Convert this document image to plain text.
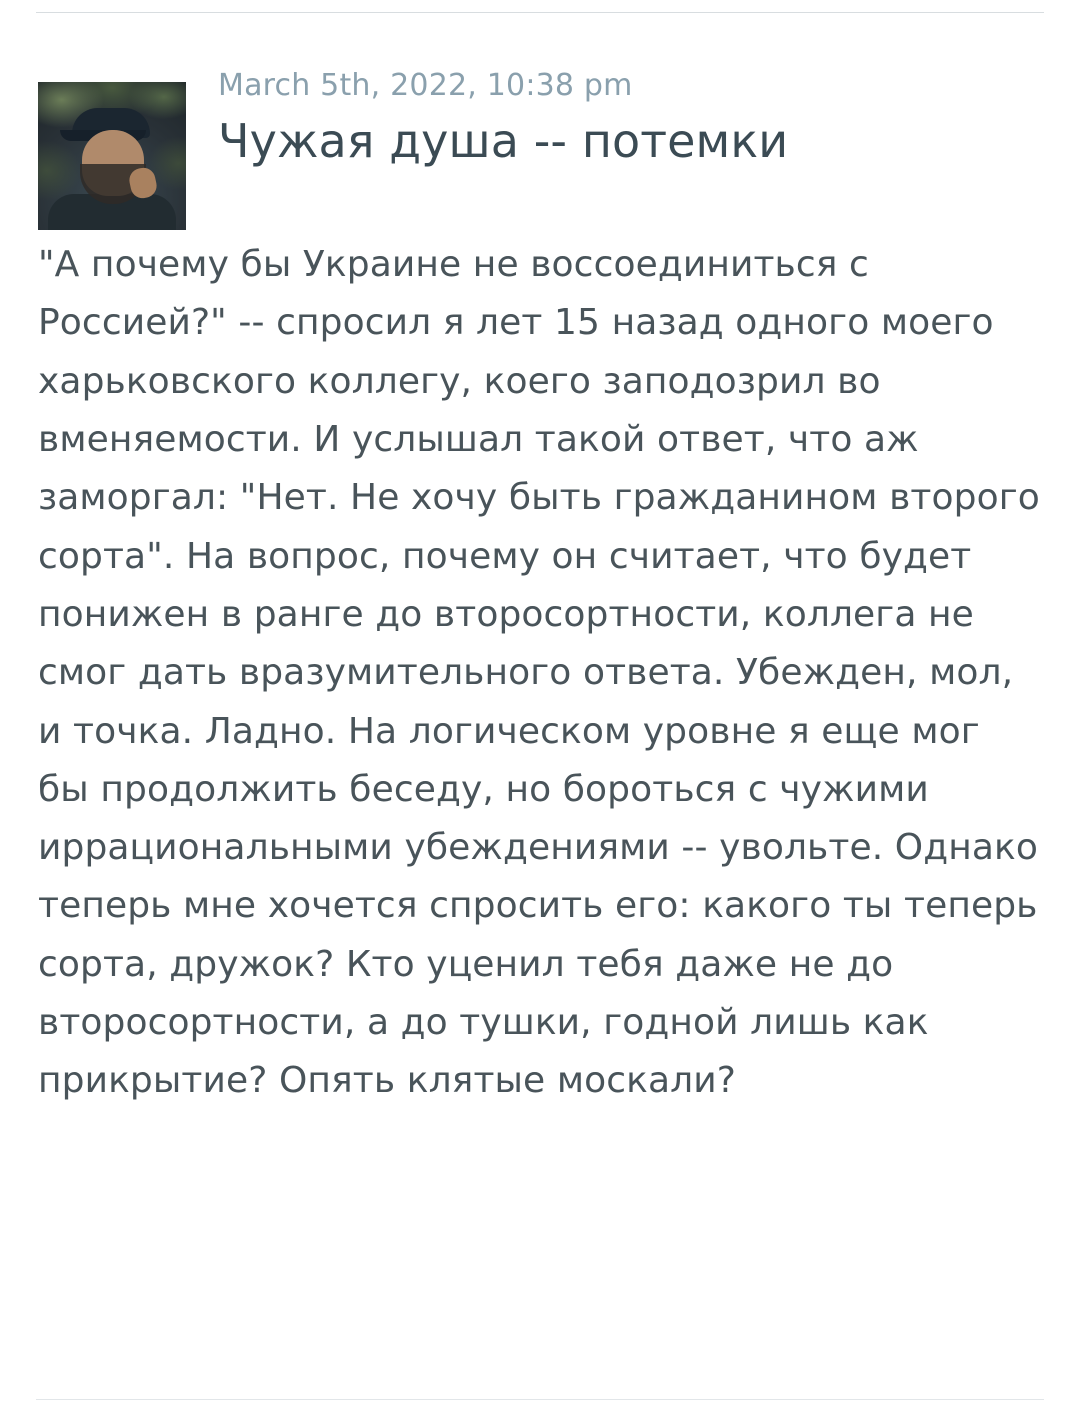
March 5th, 2022, 10:38 pm
Чужая душа -- потемки
"А почему бы Украине не воссоединиться с Россией?" -- спросил я лет 15 назад одного моего харьковского коллегу, коего заподозрил во вменяемости. И услышал такой ответ, что аж заморгал: "Нет. Не хочу быть гражданином второго сорта". На вопрос, почему он считает, что будет понижен в ранге до второсортности, коллега не смог дать вразумительного ответа. Убежден, мол, и точка. Ладно. На логическом уровне я еще мог бы продолжить беседу, но бороться с чужими иррациональными убеждениями -- увольте. Однако теперь мне хочется спросить его: какого ты теперь сорта, дружок? Кто уценил тебя даже не до второсортности, а до тушки, годной лишь как прикрытие? Опять клятые москали?
